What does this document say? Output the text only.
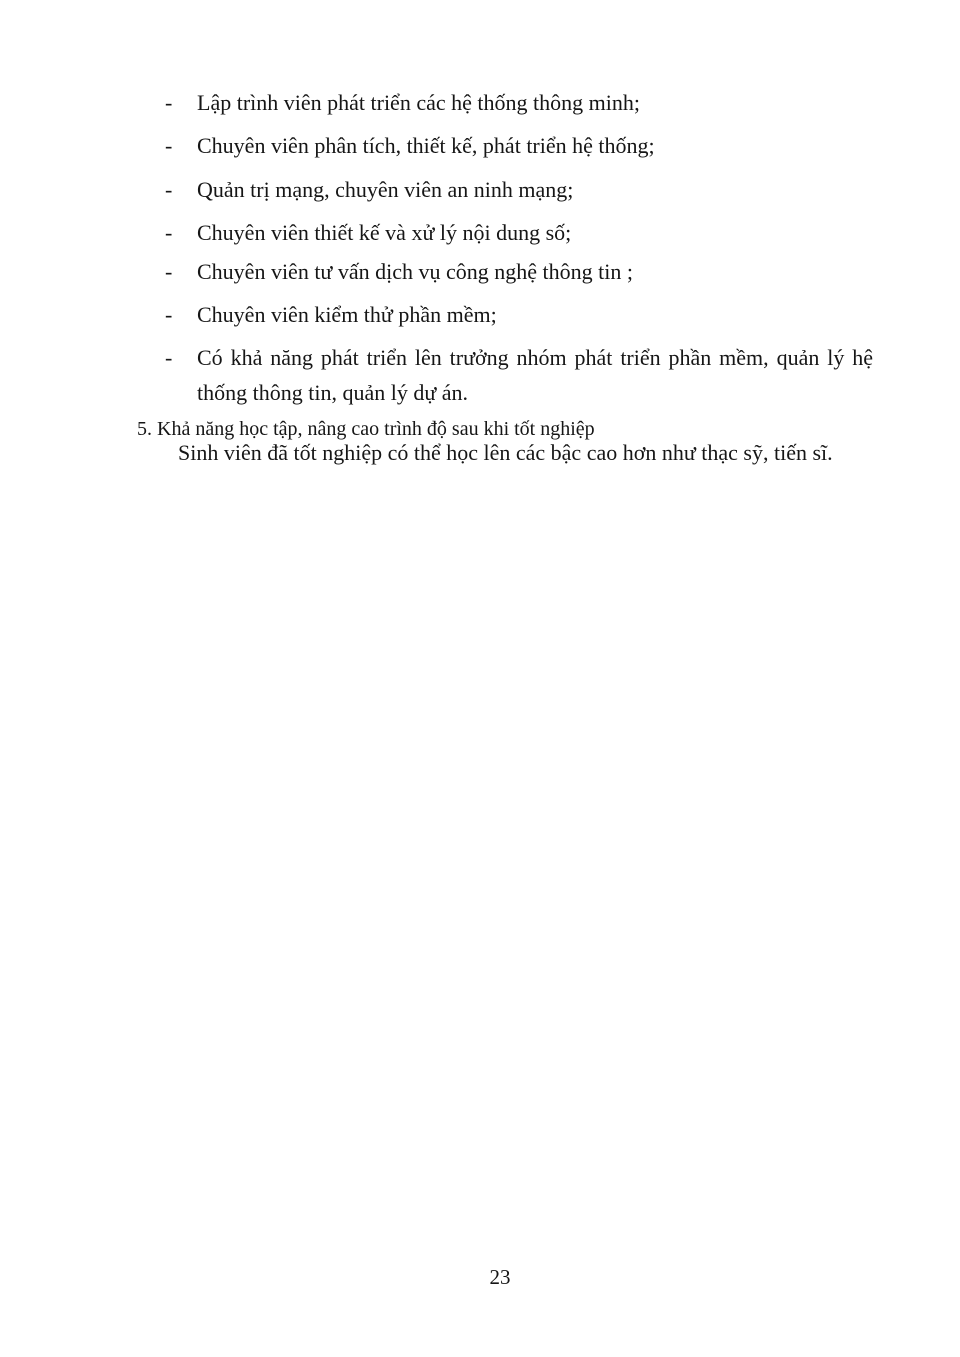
- Lập trình viên phát triển các hệ thống thông minh;
- Chuyên viên phân tích, thiết kế, phát triển hệ thống;
- Quản trị mạng, chuyên viên an ninh mạng;
- Chuyên viên thiết kế và xử lý nội dung số;
- Chuyên viên tư vấn dịch vụ công nghệ thông tin ;
- Chuyên viên kiểm thử phần mềm;
- Có khả năng phát triển lên trưởng nhóm phát triển phần mềm, quản lý hệ
thống thông tin, quản lý dự án.
5. Khả năng học tập, nâng cao trình độ sau khi tốt nghiệp
Sinh viên đã tốt nghiệp có thể học lên các bậc cao hơn như thạc sỹ, tiến sĩ.
23
